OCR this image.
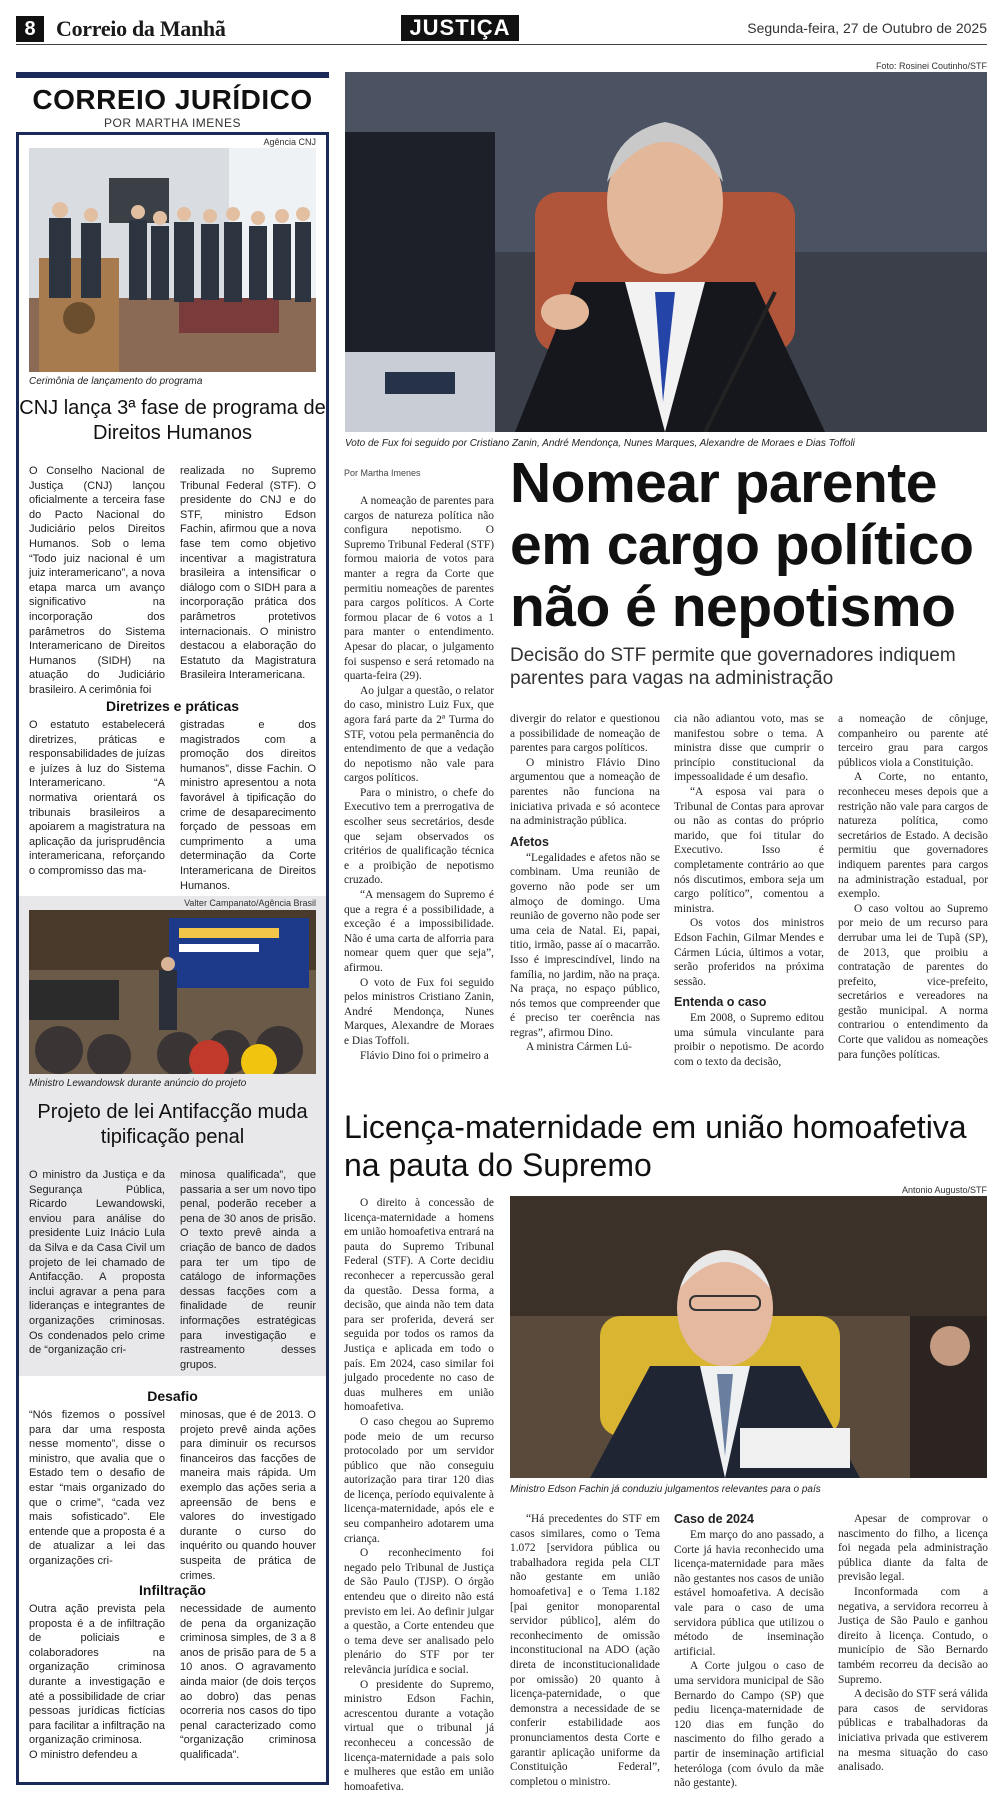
8 Correio da Manhã	JUSTIÇA	Segunda-feira, 27 de Outubro de 2025
CORREIO JURÍDICO
POR MARTHA IMENES
Agência CNJ
Cerimônia de lançamento do programa
CNJ lança 3ª fase de programa de Direitos Humanos
O Conselho Nacional de Justiça (CNJ) lançou oficialmente a terceira fase do Pacto Nacional do Judiciário pelos Direitos Humanos. Sob o lema “Todo juiz nacional é um juiz interamericano”, a nova etapa marca um avanço significativo na incorporação dos parâmetros do Sistema Interamericano de Direitos Humanos (SIDH) na atuação do Judiciário brasileiro. A cerimônia foi
realizada no Supremo Tribunal Federal (STF). O presidente do CNJ e do STF, ministro Edson Fachin, afirmou que a nova fase tem como objetivo incentivar a magistratura brasileira a intensificar o diálogo com o SIDH para a incorporação prática dos parâmetros protetivos internacionais. O ministro destacou a elaboração do Estatuto da Magistratura Brasileira Interamericana.
Diretrizes e práticas
O estatuto estabelecerá diretrizes, práticas e responsabilidades de juízas e juízes à luz do Sistema Interamericano. “A normativa orientará os tribunais brasileiros a apoiarem a magistratura na aplicação da jurisprudência interamericana, reforçando o compromisso das ma-
gistradas e dos magistrados com a promoção dos direitos humanos”, disse Fachin. O ministro apresentou a nota favorável à tipificação do crime de desaparecimento forçado de pessoas em cumprimento a uma determinação da Corte Interamericana de Direitos Humanos.
Valter Campanato/Agência Brasil
Ministro Lewandowsk durante anúncio do projeto
Projeto de lei Antifacção muda tipificação penal
O ministro da Justiça e da Segurança Pública, Ricardo Lewandowski, enviou para análise do presidente Luiz Inácio Lula da Silva e da Casa Civil um projeto de lei chamado de Antifacção. A proposta inclui agravar a pena para lideranças e integrantes de organizações criminosas. Os condenados pelo crime de “organização cri-
minosa qualificada”, que passaria a ser um novo tipo penal, poderão receber a pena de 30 anos de prisão. O texto prevê ainda a criação de banco de dados para ter um tipo de catálogo de informações dessas facções com a finalidade de reunir informações estratégicas para investigação e rastreamento desses grupos.
Desafio
“Nós fizemos o possível para dar uma resposta nesse momento”, disse o ministro, que avalia que o Estado tem o desafio de estar “mais organizado do que o crime”, “cada vez mais sofisticado”. Ele entende que a proposta é a de atualizar a lei das organizações cri-
minosas, que é de 2013. O projeto prevê ainda ações para diminuir os recursos financeiros das facções de maneira mais rápida. Um exemplo das ações seria a apreensão de bens e valores do investigado durante o curso do inquérito ou quando houver suspeita de prática de crimes.
Infiltração
Outra ação prevista pela proposta é a de infiltração de policiais e colaboradores na organização criminosa durante a investigação e até a possibilidade de criar pessoas jurídicas fictícias para facilitar a infiltração na organização criminosa.
O ministro defendeu a
necessidade de aumento de pena da organização criminosa simples, de 3 a 8 anos de prisão para de 5 a 10 anos. O agravamento ainda maior (de dois terços ao dobro) das penas ocorreria nos casos do tipo penal caracterizado como “organização criminosa qualificada”.
Foto: Rosinei Coutinho/STF
Voto de Fux foi seguido por Cristiano Zanin, André Mendonça, Nunes Marques, Alexandre de Moraes e Dias Toffoli
Por Martha Imenes Nomear parente em cargo político não é nepotismo
Decisão do STF permite que governadores indiquem parentes para vagas na administração

A nomeação de parentes para cargos de natureza política não configura nepotismo. O Supremo Tribunal Federal (STF) formou maioria de votos para manter a regra da Corte que permitiu nomeações de parentes para cargos políticos. A Corte formou placar de 6 votos a 1 para manter o entendimento. Apesar do placar, o julgamento foi suspenso e será retomado na quarta-feira (29).

Ao julgar a questão, o relator do caso, ministro Luiz Fux, que agora fará parte da 2ª Turma do STF, votou pela permanência do entendimento de que a vedação do nepotismo não vale para cargos políticos.

Para o ministro, o chefe do Executivo tem a prerrogativa de escolher seus secretários, desde que sejam observados os critérios de qualificação técnica e a proibição de nepotismo cruzado.

“A mensagem do Supremo é que a regra é a possibilidade, a exceção é a impossibilidade. Não é uma carta de alforria para nomear quem quer que seja”, afirmou.

O voto de Fux foi seguido pelos ministros Cristiano Zanin, André Mendonça, Nunes Marques, Alexandre de Moraes e Dias Toffoli.

Flávio Dino foi o primeiro a

divergir do relator e questionou a possibilidade de nomeação de parentes para cargos políticos.

O ministro Flávio Dino argumentou que a nomeação de parentes não funciona na iniciativa privada e só acontece na administração pública.

Afetos

“Legalidades e afetos não se combinam. Uma reunião de governo não pode ser um almoço de domingo. Uma reunião de governo não pode ser uma ceia de Natal. Ei, papai, titio, irmão, passe aí o macarrão. Isso é imprescindível, lindo na família, no jardim, não na praça. Na praça, no espaço público, nós temos que compreender que é preciso ter coerência nas regras”, afirmou Dino.

A ministra Cármen Lú-

cia não adiantou voto, mas se manifestou sobre o tema. A ministra disse que cumprir o princípio constitucional da impessoalidade é um desafio.

“A esposa vai para o Tribunal de Contas para aprovar ou não as contas do próprio marido, que foi titular do Executivo. Isso é completamente contrário ao que nós discutimos, embora seja um cargo político”, comentou a ministra.

Os votos dos ministros Edson Fachin, Gilmar Mendes e Cármen Lúcia, últimos a votar, serão proferidos na próxima sessão.

Entenda o caso

Em 2008, o Supremo editou uma súmula vinculante para proibir o nepotismo. De acordo com o texto da decisão,

a nomeação de cônjuge, companheiro ou parente até terceiro grau para cargos públicos viola a Constituição.

A Corte, no entanto, reconheceu meses depois que a restrição não vale para cargos de natureza política, como secretários de Estado. A decisão permitiu que governadores indiquem parentes para cargos na administração estadual, por exemplo.

O caso voltou ao Supremo por meio de um recurso para derrubar uma lei de Tupã (SP), de 2013, que proibiu a contratação de parentes do prefeito, vice-prefeito, secretários e vereadores na gestão municipal. A norma contrariou o entendimento da Corte que validou as nomeações para funções políticas.

Licença-maternidade em união homoafetiva na pauta do Supremo

O direito à concessão de licença-maternidade a homens em união homoafetiva entrará na pauta do Supremo Tribunal Federal (STF). A Corte decidiu reconhecer a repercussão geral da questão. Dessa forma, a decisão, que ainda não tem data para ser proferida, deverá ser seguida por todos os ramos da Justiça e aplicada em todo o país. Em 2024, caso similar foi julgado procedente no caso de duas mulheres em união homoafetiva.

O caso chegou ao Supremo pode meio de um recurso protocolado por um servidor público que não conseguiu autorização para tirar 120 dias de licença, período equivalente à licença-maternidade, após ele e seu companheiro adotarem uma criança.

O reconhecimento foi negado pelo Tribunal de Justiça de São Paulo (TJSP). O órgão entendeu que o direito não está previsto em lei. Ao definir julgar a questão, a Corte entendeu que o tema deve ser analisado pelo plenário do STF por ter relevância jurídica e social.

O presidente do Supremo, ministro Edson Fachin, acrescentou durante a votação virtual que o tribunal já reconheceu a concessão de licença-maternidade a pais solo e mulheres que estão em união homoafetiva.

Antonio Augusto/STF
Ministro Edson Fachin já conduziu julgamentos relevantes para o país

“Há precedentes do STF em casos similares, como o Tema 1.072 [servidora pública ou trabalhadora regida pela CLT não gestante em união homoafetiva] e o Tema 1.182 [pai genitor monoparental servidor público], além do reconhecimento de omissão inconstitucional na ADO (ação direta de inconstitucionalidade por omissão) 20 quanto à licença-paternidade, o que demonstra a necessidade de se conferir estabilidade aos pronunciamentos desta Corte e garantir aplicação uniforme da Constituição Federal”, completou o ministro.

Caso de 2024

Em março do ano passado, a Corte já havia reconhecido uma licença-maternidade para mães não gestantes nos casos de união estável homoafetiva. A decisão vale para o caso de uma servidora pública que utilizou o método de inseminação artificial.

A Corte julgou o caso de uma servidora municipal de São Bernardo do Campo (SP) que pediu licença-maternidade de 120 dias em função do nascimento do filho gerado a partir de inseminação artificial heteróloga (com óvulo da mãe não gestante).

Apesar de comprovar o nascimento do filho, a licença foi negada pela administração pública diante da falta de previsão legal.

Inconformada com a negativa, a servidora recorreu à Justiça de São Paulo e ganhou direito à licença. Contudo, o município de São Bernardo também recorreu da decisão ao Supremo.

A decisão do STF será válida para casos de servidoras públicas e trabalhadoras da iniciativa privada que estiverem na mesma situação do caso analisado.
